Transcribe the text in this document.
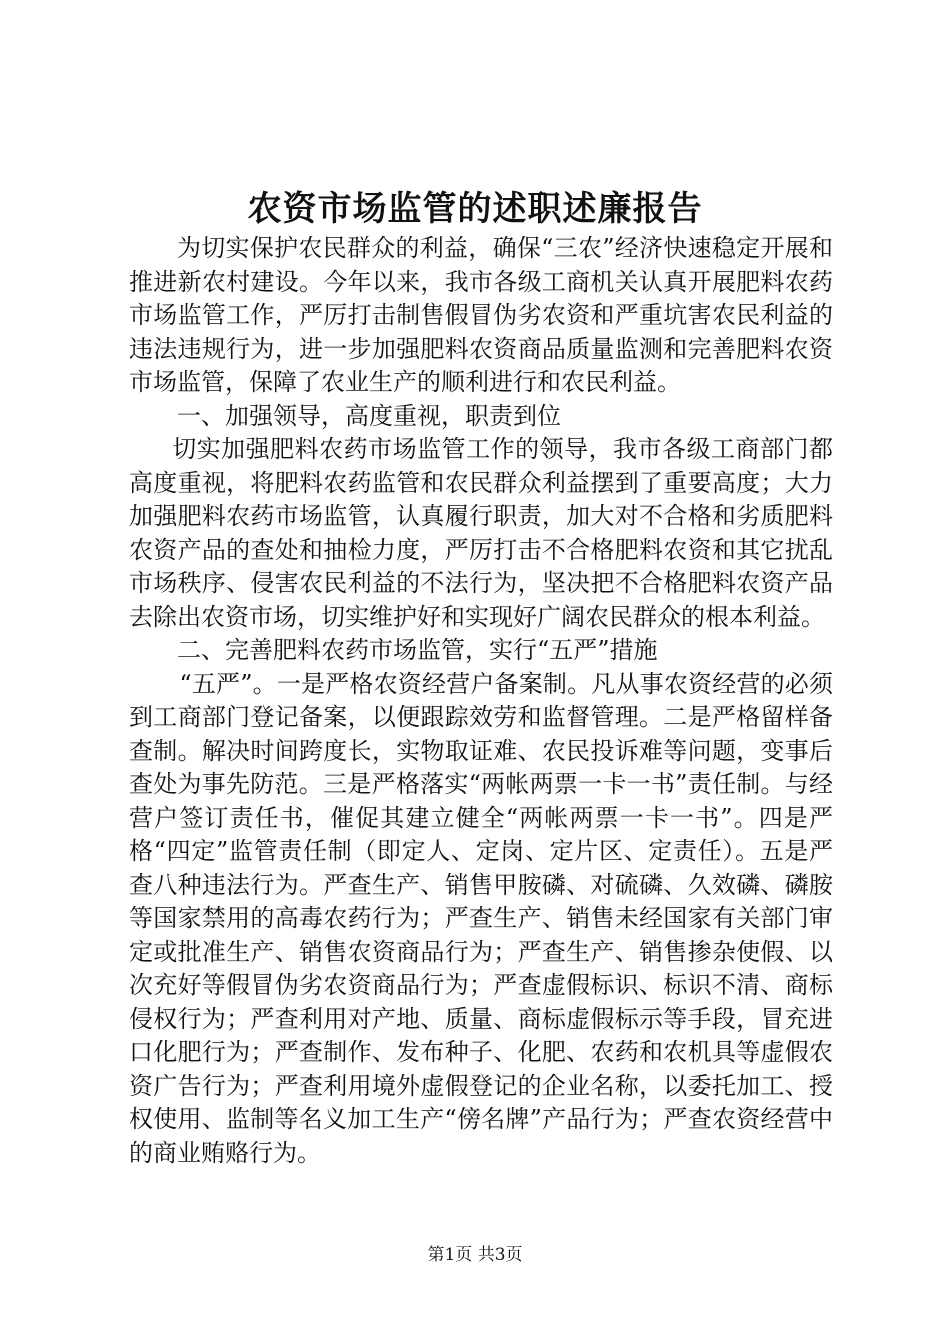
农资市场监管的述职述廉报告

为切实保护农民群众的利益，确保“三农”经济快速稳定开展和推进新农村建设。今年以来，我市各级工商机关认真开展肥料农药市场监管工作，严厉打击制售假冒伪劣农资和严重坑害农民利益的违法违规行为，进一步加强肥料农资商品质量监测和完善肥料农资市场监管，保障了农业生产的顺利进行和农民利益。

一、加强领导，高度重视，职责到位

切实加强肥料农药市场监管工作的领导，我市各级工商部门都高度重视，将肥料农药监管和农民群众利益摆到了重要高度；大力加强肥料农药市场监管，认真履行职责，加大对不合格和劣质肥料农资产品的查处和抽检力度，严厉打击不合格肥料农资和其它扰乱市场秩序、侵害农民利益的不法行为，坚决把不合格肥料农资产品去除出农资市场，切实维护好和实现好广阔农民群众的根本利益。

二、完善肥料农药市场监管，实行“五严”措施

“五严”。一是严格农资经营户备案制。凡从事农资经营的必须到工商部门登记备案，以便跟踪效劳和监督管理。二是严格留样备查制。解决时间跨度长，实物取证难、农民投诉难等问题，变事后查处为事先防范。三是严格落实“两帐两票一卡一书”责任制。与经营户签订责任书，催促其建立健全“两帐两票一卡一书”。四是严格“四定”监管责任制（即定人、定岗、定片区、定责任）。五是严查八种违法行为。严查生产、销售甲胺磷、对硫磷、久效磷、磷胺等国家禁用的高毒农药行为；严查生产、销售未经国家有关部门审定或批准生产、销售农资商品行为；严查生产、销售掺杂使假、以次充好等假冒伪劣农资商品行为；严查虚假标识、标识不清、商标侵权行为；严查利用对产地、质量、商标虚假标示等手段，冒充进口化肥行为；严查制作、发布种子、化肥、农药和农机具等虚假农资广告行为；严查利用境外虚假登记的企业名称，以委托加工、授权使用、监制等名义加工生产“傍名牌”产品行为；严查农资经营中的商业贿赂行为。

第1页 共3页
